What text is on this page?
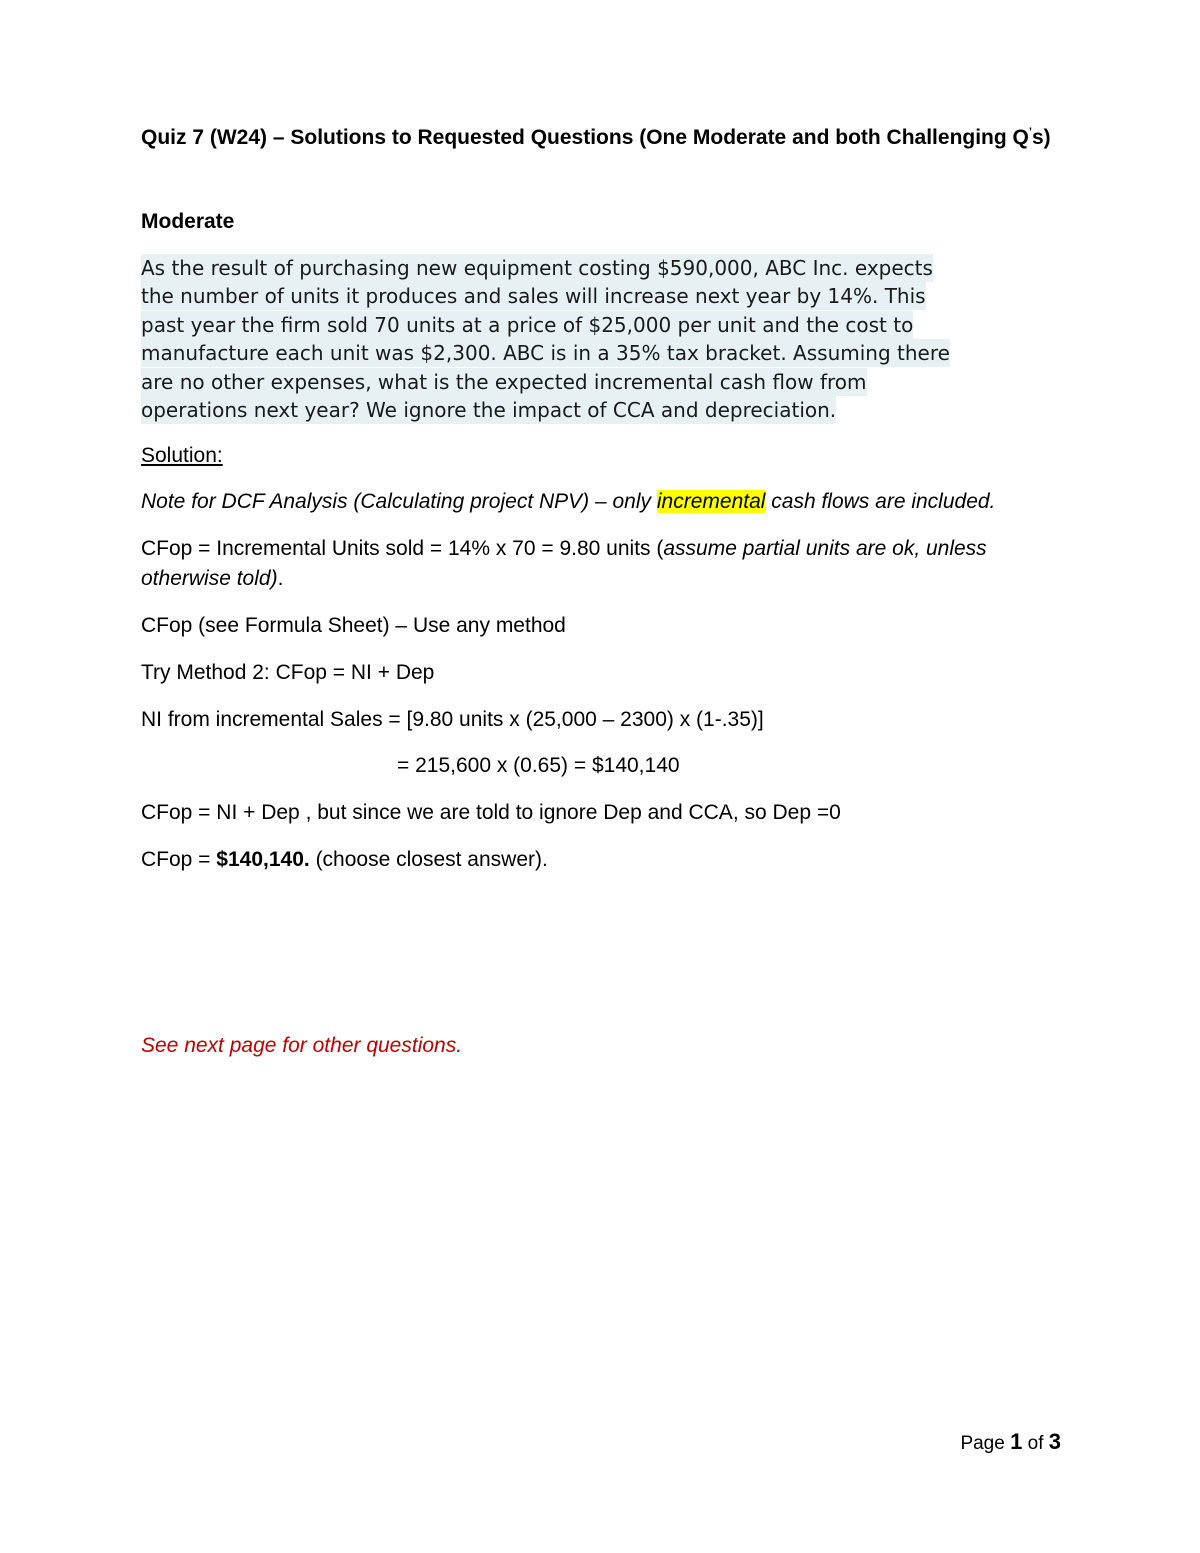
Quiz 7 (W24) – Solutions to Requested Questions (One Moderate and both Challenging Q’s)
Moderate
As the result of purchasing new equipment costing $590,000, ABC Inc. expects
the number of units it produces and sales will increase next year by 14%. This
past year the firm sold 70 units at a price of $25,000 per unit and the cost to
manufacture each unit was $2,300. ABC is in a 35% tax bracket. Assuming there
are no other expenses, what is the expected incremental cash flow from
operations next year? We ignore the impact of CCA and depreciation.
Solution:
Note for DCF Analysis (Calculating project NPV) – only incremental cash flows are included.
CFop = Incremental Units sold = 14% x 70 = 9.80 units (assume partial units are ok, unless
otherwise told).
CFop (see Formula Sheet) – Use any method
Try Method 2: CFop = NI + Dep
NI from incremental Sales = [9.80 units x (25,000 – 2300) x (1-.35)]
= 215,600 x (0.65) = $140,140
CFop = NI + Dep , but since we are told to ignore Dep and CCA, so Dep =0
CFop = $140,140. (choose closest answer).
See next page for other questions.
Page 1 of 3
